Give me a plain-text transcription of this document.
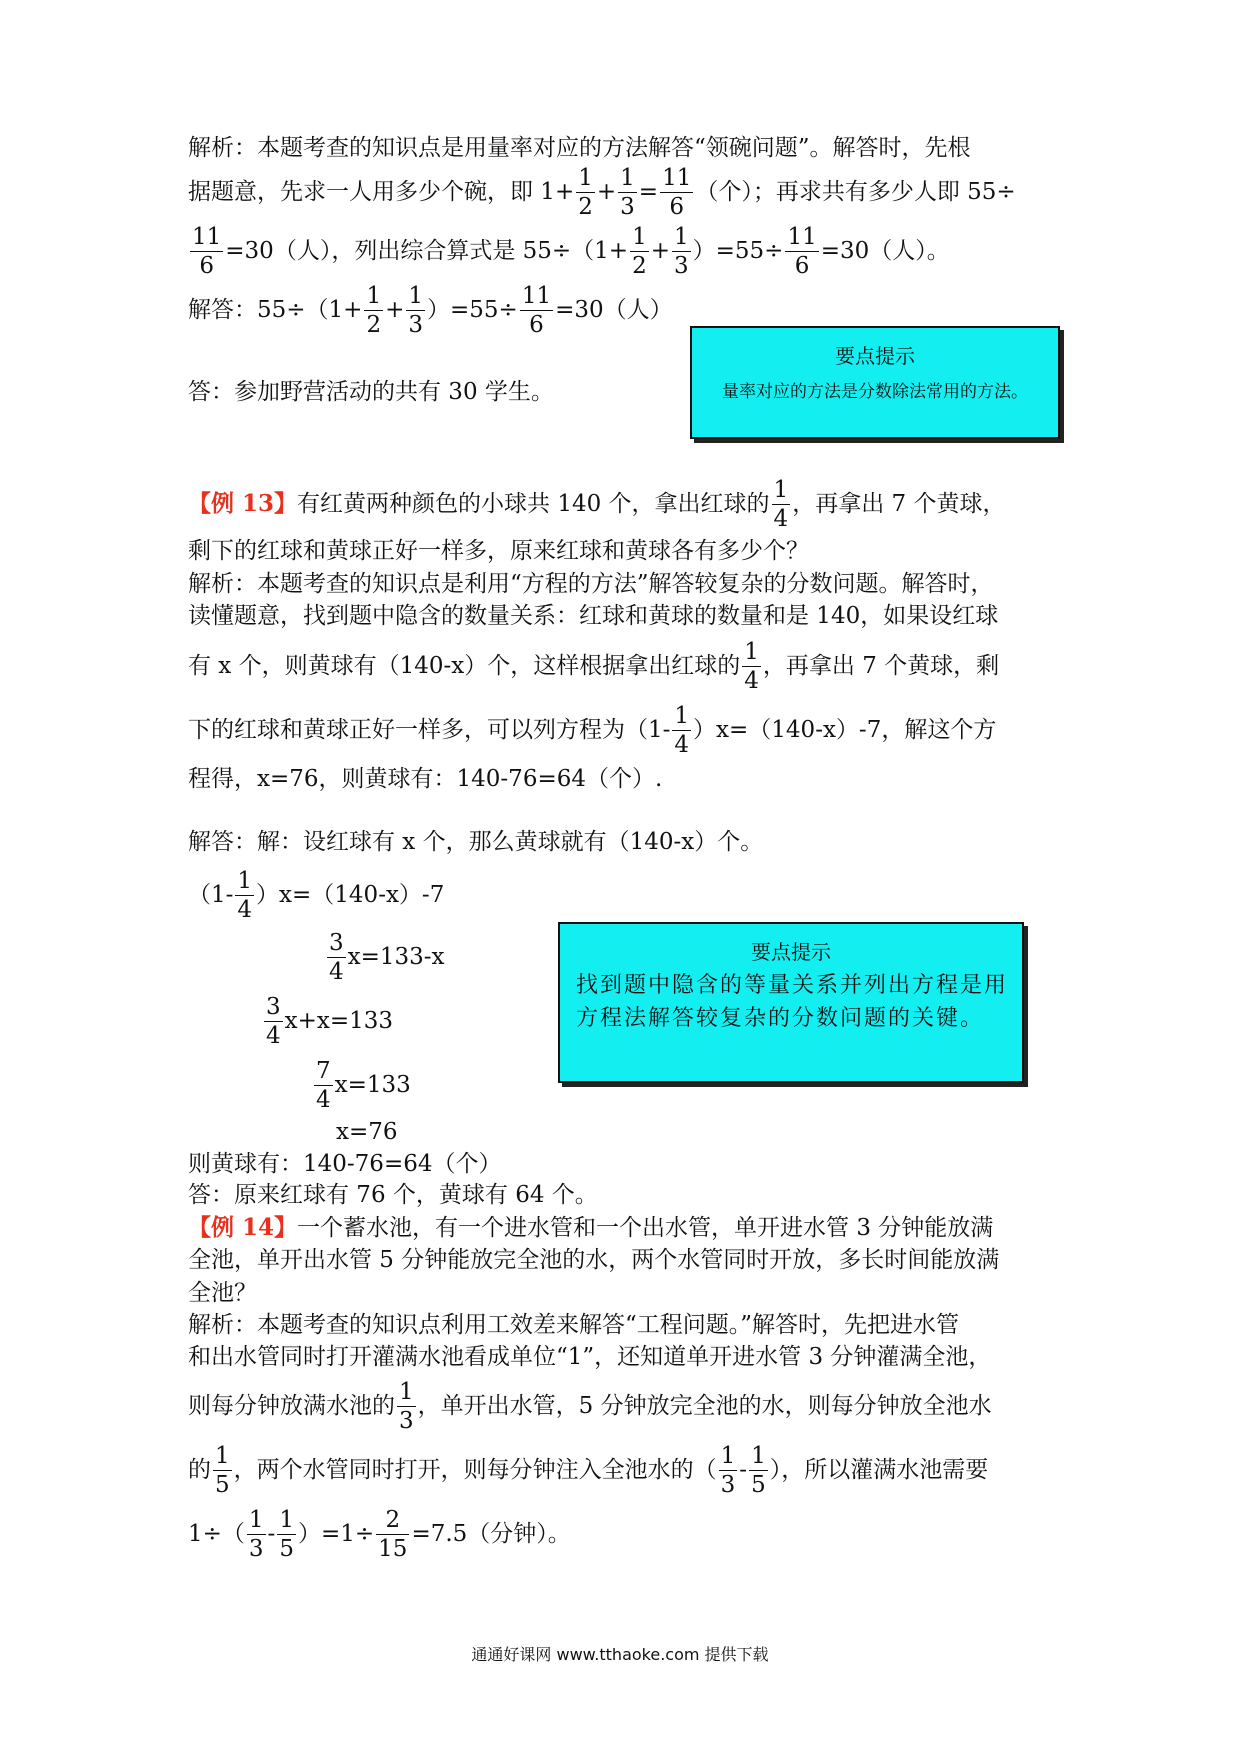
解析：本题考查的知识点是用量率对应的方法解答“领碗问题”。解答时，先根
据题意，先求一人用多少个碗，即 $1+ \frac{1}{2} + \frac{1}{3} = \frac{11}{6}$ （个）；再求共有多少人即 55÷
$\frac{11}{6} =30$（人），列出综合算式是 $55\div(1+ \frac{1}{2} + \frac{1}{3} )=55\div \frac{11}{6} =30$（人）。
解答：$55\div(1+ \frac{1}{2} + \frac{1}{3} )=55\div \frac{11}{6} =30$（人）
答：参加野营活动的共有 30 学生。
要点提示
量率对应的方法是分数除法常用的方法。
【例 13】有红黄两种颜色的小球共 140 个，拿出红球的 $\frac{1}{4}$ ，再拿出 7 个黄球，
剩下的红球和黄球正好一样多，原来红球和黄球各有多少个？
解析：本题考查的知识点是利用“方程的方法”解答较复杂的分数问题。解答时，
读懂题意，找到题中隐含的数量关系：红球和黄球的数量和是 140，如果设红球
有 x 个，则黄球有（140-x）个，这样根据拿出红球的 $\frac{1}{4}$ ，再拿出 7 个黄球，剩
下的红球和黄球正好一样多，可以列方程为$(1- \frac{1}{4} )x=(140-x)-7$，解这个方
程得，x=76，则黄球有：140-76=64（个）.
解答：解：设红球有 x 个，那么黄球就有（140-x）个。
$(1- \frac{1}{4} )x=(140-x)-7$
$\frac{3}{4} x=133-x$
$\frac{3}{4} x+x=133$
$\frac{7}{4} x=133$
x=76
则黄球有：140-76=64（个）
答：原来红球有 76 个，黄球有 64 个。
要点提示
找到题中隐含的等量关系并列出方程是用方程法解答较复杂的分数问题的关键。
【例 14】一个蓄水池，有一个进水管和一个出水管，单开进水管 3 分钟能放满
全池，单开出水管 5 分钟能放完全池的水，两个水管同时开放，多长时间能放满
全池？
解析：本题考查的知识点利用工效差来解答“工程问题。”解答时，先把进水管
和出水管同时打开灌满水池看成单位“1”，还知道单开进水管 3 分钟灌满全池，
则每分钟放满水池的 $\frac{1}{3}$ ，单开出水管，5 分钟放完全池的水，则每分钟放全池水
的 $\frac{1}{5}$ ，两个水管同时打开，则每分钟注入全池水的（ $\frac{1}{3} - \frac{1}{5}$ ），所以灌满水池需要
$1\div( \frac{1}{3} - \frac{1}{5} )=1\div \frac{2}{15} =7.5$（分钟）。
通通好课网 www.tthaoke.com 提供下载
